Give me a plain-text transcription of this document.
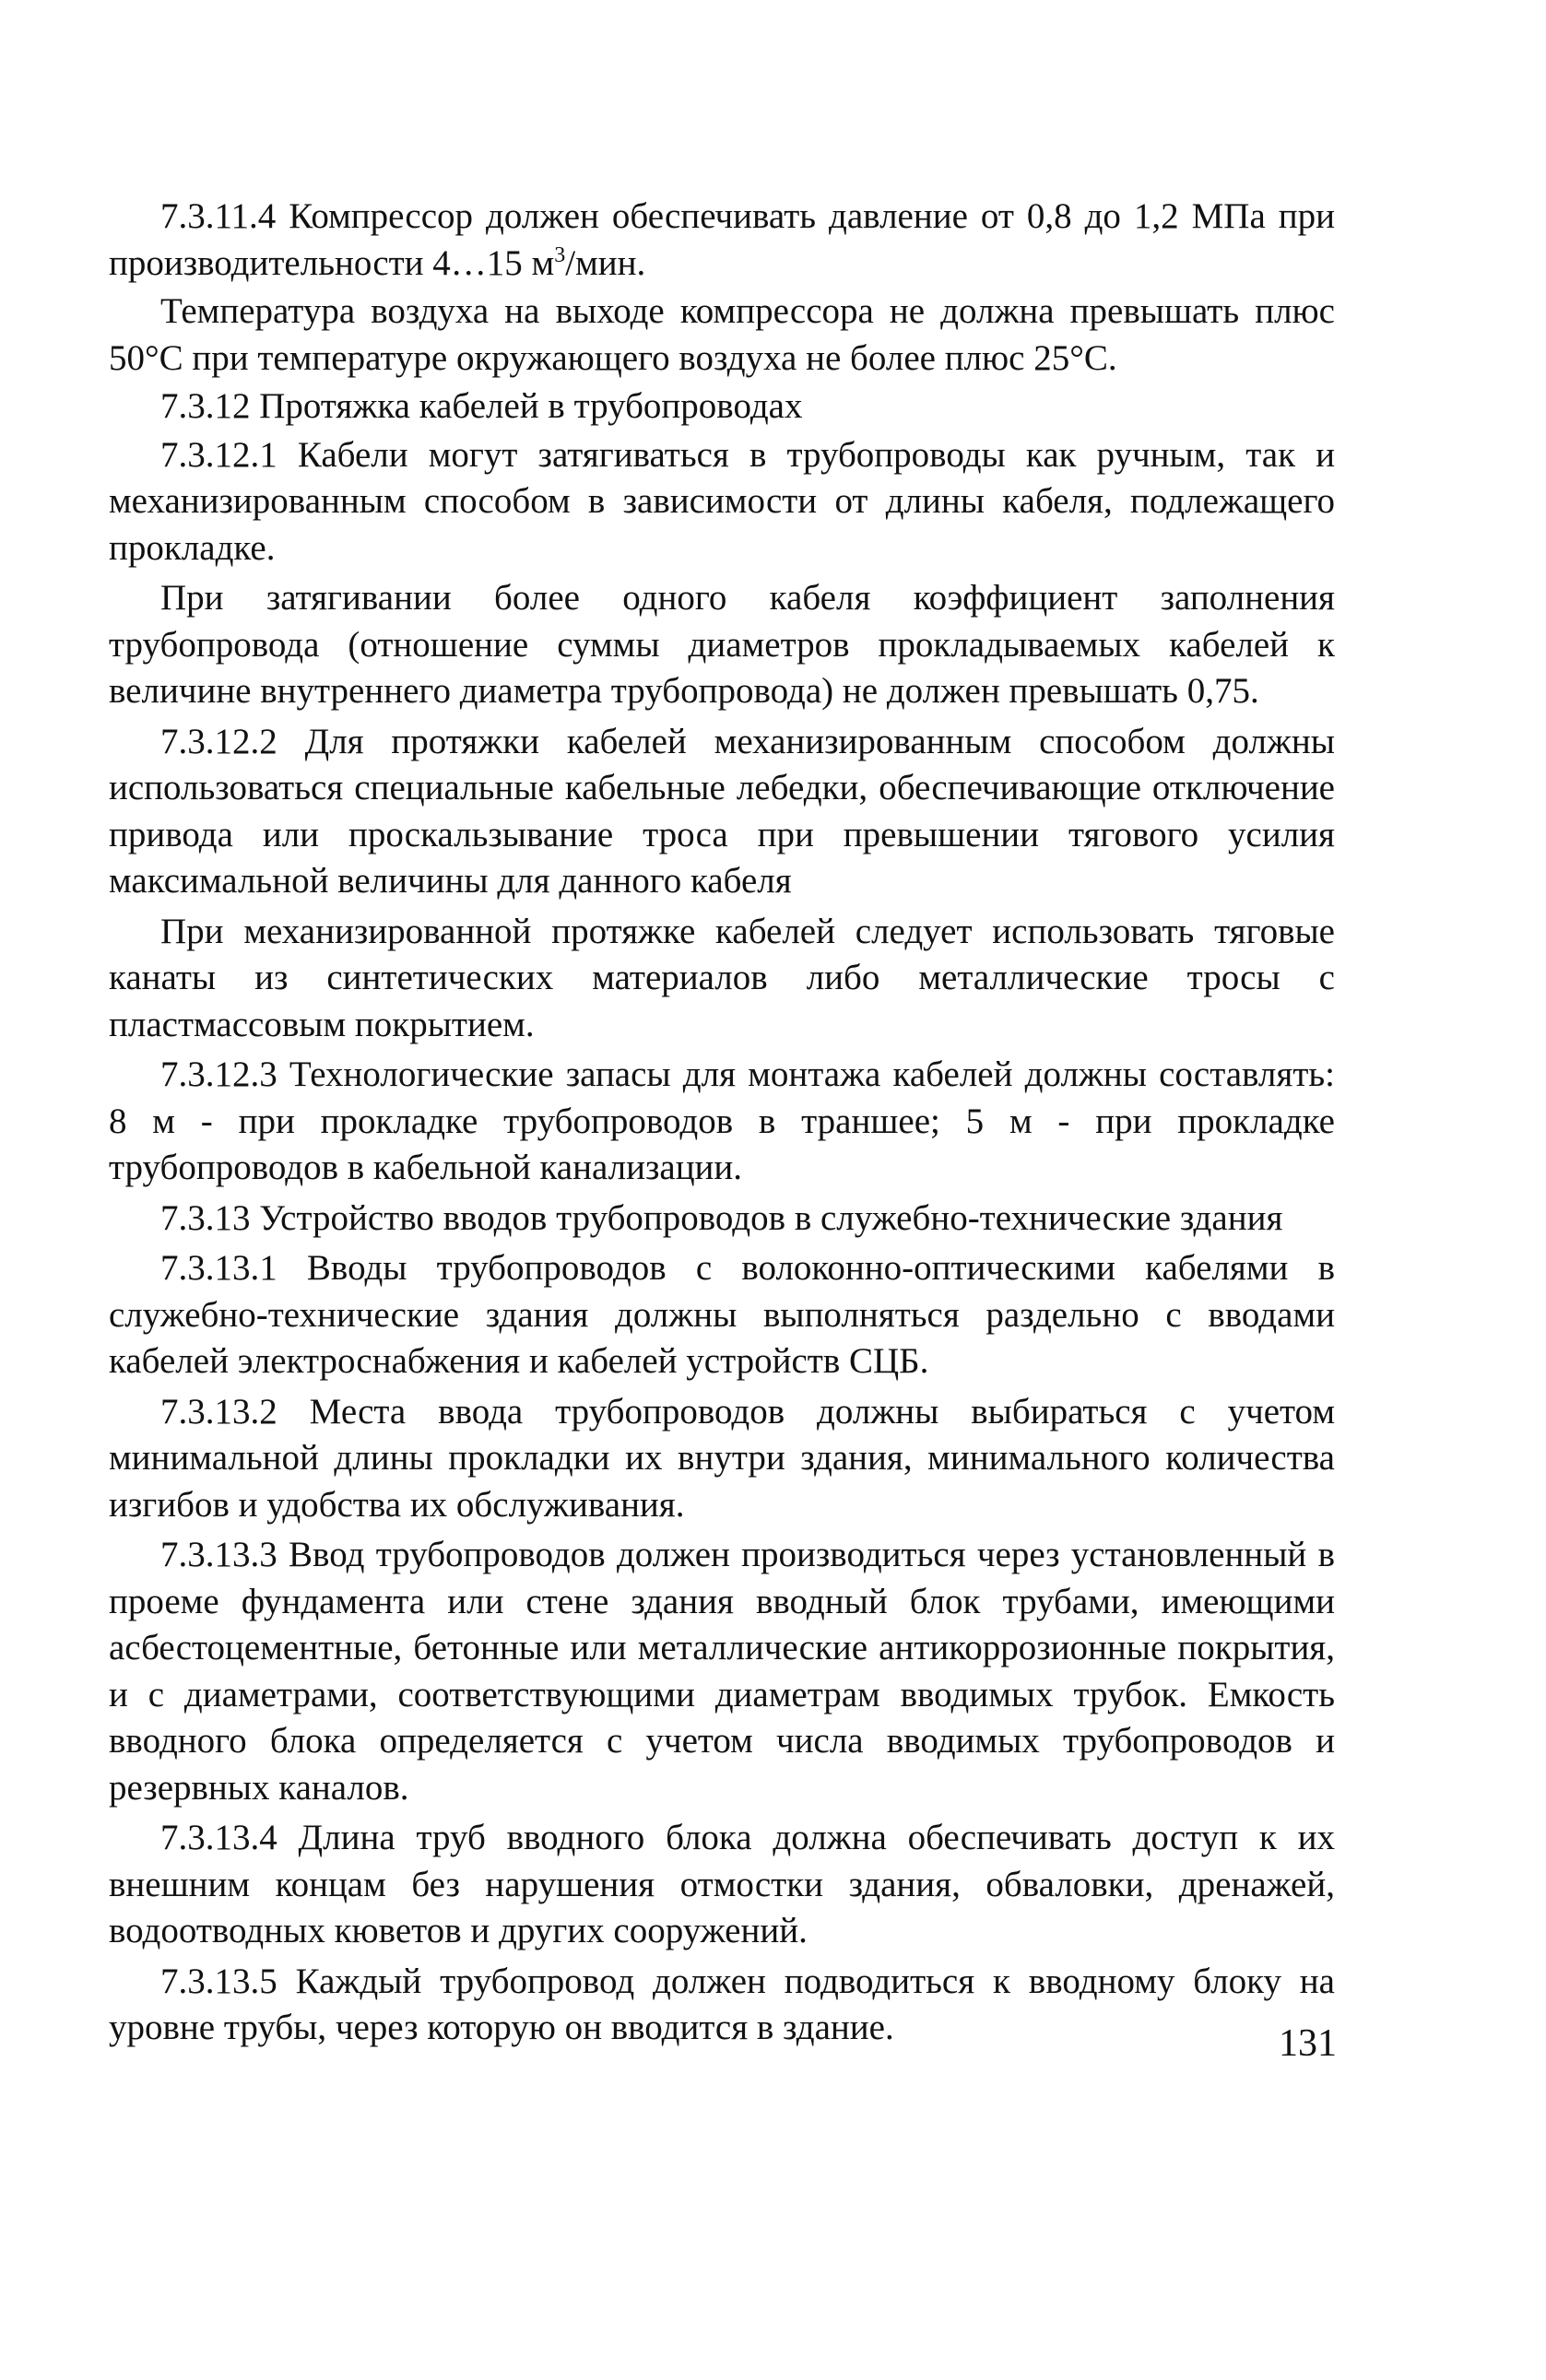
7.3.11.4 Компрессор должен обеспечивать давление от 0,8 до 1,2 МПа при производительности 4…15 $м^3$/мин.

Температура воздуха на выходе компрессора не должна превышать плюс 50°С при температуре окружающего воздуха не более плюс 25°С.

7.3.12 Протяжка кабелей в трубопроводах

7.3.12.1 Кабели могут затягиваться в трубопроводы как ручным, так и механизированным способом в зависимости от длины кабеля, подлежащего прокладке.

При затягивании более одного кабеля коэффициент заполнения трубопровода (отношение суммы диаметров прокладываемых кабелей к величине внутреннего диаметра трубопровода) не должен превышать 0,75.

7.3.12.2 Для протяжки кабелей механизированным способом должны использоваться специальные кабельные лебедки, обеспечивающие отключение привода или проскальзывание троса при превышении тягового усилия максимальной величины для данного кабеля

При механизированной протяжке кабелей следует использовать тяговые канаты из синтетических материалов либо металлические тросы с пластмассовым покрытием.

7.3.12.3 Технологические запасы для монтажа кабелей должны составлять: 8 м - при прокладке трубопроводов в траншее; 5 м - при прокладке трубопроводов в кабельной канализации.

7.3.13 Устройство вводов трубопроводов в служебно-технические здания

7.3.13.1 Вводы трубопроводов с волоконно-оптическими кабелями в служебно-технические здания должны выполняться раздельно с вводами кабелей электроснабжения и кабелей устройств СЦБ.

7.3.13.2 Места ввода трубопроводов должны выбираться с учетом минимальной длины прокладки их внутри здания, минимального количества изгибов и удобства их обслуживания.

7.3.13.3 Ввод трубопроводов должен производиться через установленный в проеме фундамента или стене здания вводный блок трубами, имеющими асбестоцементные, бетонные или металлические антикоррозионные покрытия, и с диаметрами, соответствующими диаметрам вводимых трубок. Емкость вводного блока определяется с учетом числа вводимых трубопроводов и резервных каналов.

7.3.13.4 Длина труб вводного блока должна обеспечивать доступ к их внешним концам без нарушения отмостки здания, обваловки, дренажей, водоотводных кюветов и других сооружений.

7.3.13.5 Каждый трубопровод должен подводиться к вводному блоку на уровне трубы, через которую он вводится в здание.	131
